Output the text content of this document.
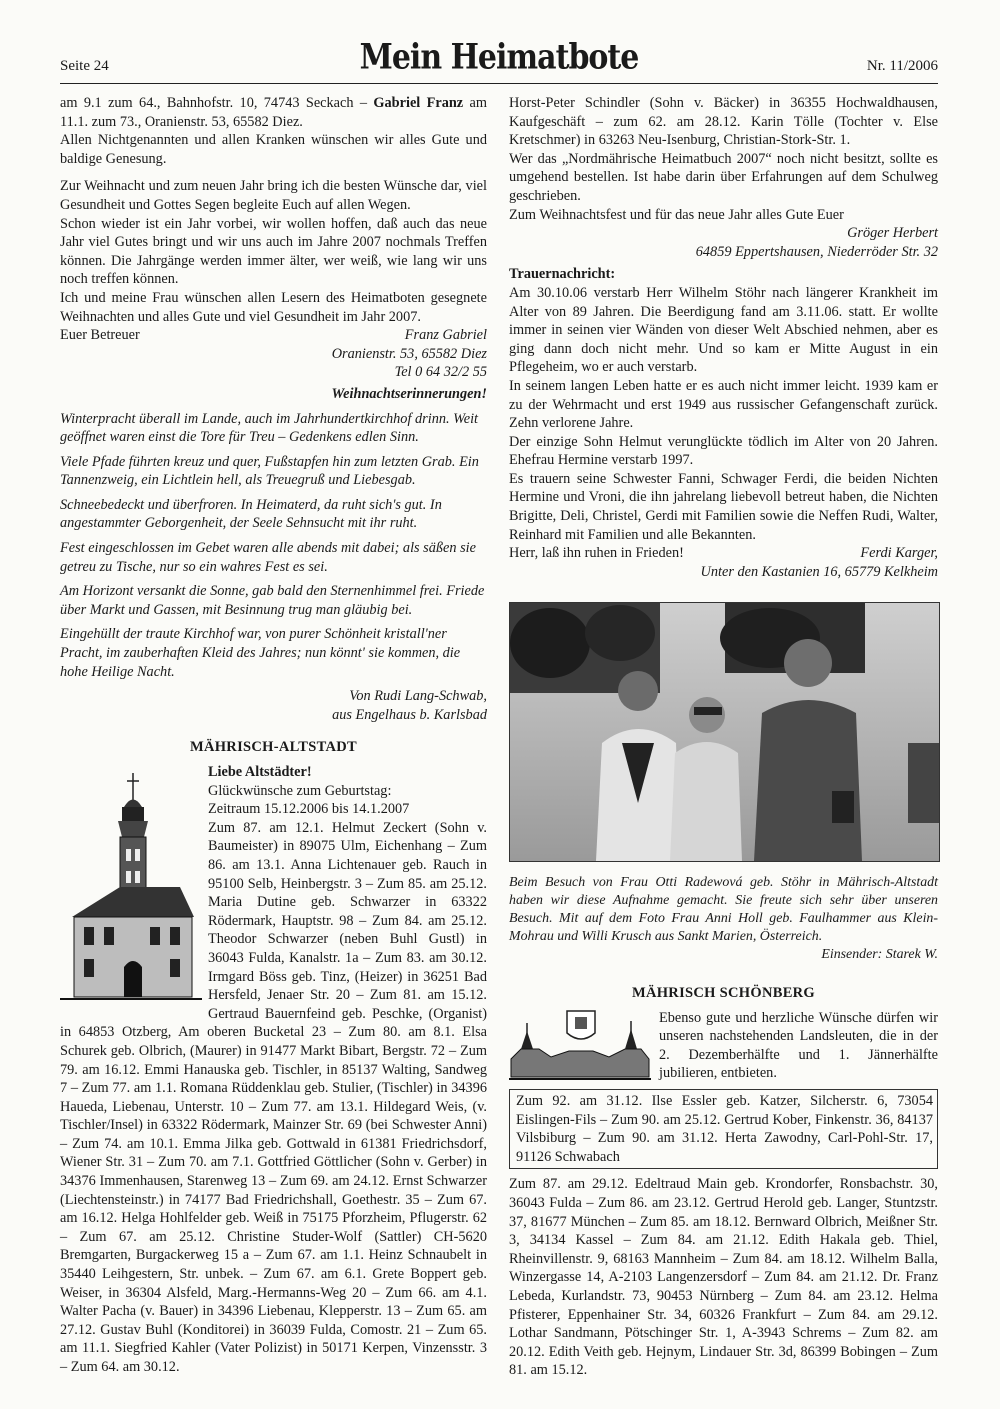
Seite 24	Mein Heimatbote	Nr. 11/2006

am 9.1 zum 64., Bahnhofstr. 10, 74743 Seckach – Gabriel Franz am 11.1. zum 73., Oranienstr. 53, 65582 Diez.

Allen Nichtgenannten und allen Kranken wünschen wir alles Gute und baldige Genesung.

Zur Weihnacht und zum neuen Jahr bring ich die besten Wünsche dar, viel Gesundheit und Gottes Segen begleite Euch auf allen Wegen.

Schon wieder ist ein Jahr vorbei, wir wollen hoffen, daß auch das neue Jahr viel Gutes bringt und wir uns auch im Jahre 2007 nochmals Treffen können. Die Jahrgänge werden immer älter, wer weiß, wie lang wir uns noch treffen können.

Ich und meine Frau wünschen allen Lesern des Heimatboten gesegnete Weihnachten und alles Gute und viel Gesundheit im Jahr 2007.

Euer Betreuer	Franz Gabriel

Oranienstr. 53, 65582 Diez

Tel 0 64 32/2 55

Weihnachtserinnerungen!

Winterpracht überall im Lande, auch im Jahrhundertkirchhof drinn. Weit geöffnet waren einst die Tore für Treu – Gedenkens edlen Sinn.

Viele Pfade führten kreuz und quer, Fußstapfen hin zum letzten Grab. Ein Tannenzweig, ein Lichtlein hell, als Treuegruß und Liebesgab.

Schneebedeckt und überfroren. In Heimaterd, da ruht sich's gut. In angestammter Geborgenheit, der Seele Sehnsucht mit ihr ruht.

Fest eingeschlossen im Gebet waren alle abends mit dabei; als säßen sie getreu zu Tische, nur so ein wahres Fest es sei.

Am Horizont versankt die Sonne, gab bald den Sternenhimmel frei. Friede über Markt und Gassen, mit Besinnung trug man gläubig bei.

Eingehüllt der traute Kirchhof war, von purer Schönheit kristall'ner Pracht, im zauberhaften Kleid des Jahres; nun könnt' sie kommen, die hohe Heilige Nacht.

Von Rudi Lang-Schwab,

aus Engelhaus b. Karlsbad

MÄHRISCH-ALTSTADT

Liebe Altstädter!

Glückwünsche zum Geburtstag:

Zeitraum 15.12.2006 bis 14.1.2007

Zum 87. am 12.1. Helmut Zeckert (Sohn v. Baumeister) in 89075 Ulm, Eichenhang – Zum 86. am 13.1. Anna Lichtenauer geb. Rauch in 95100 Selb, Heinbergstr. 3 – Zum 85. am 25.12. Maria Dutine geb. Schwarzer in 63322 Rödermark, Hauptstr. 98 – Zum 84. am 25.12. Theodor Schwarzer (neben Buhl Gustl) in 36043 Fulda, Kanalstr. 1a – Zum 83. am 30.12. Irmgard Böss geb. Tinz, (Heizer) in 36251 Bad Hersfeld, Jenaer Str. 20 – Zum 81. am 15.12. Gertraud Bauernfeind geb. Peschke, (Organist) in 64853 Otzberg, Am oberen Bucketal 23 – Zum 80. am 8.1. Elsa Schurek geb. Olbrich, (Maurer) in 91477 Markt Bibart, Bergstr. 72 – Zum 79. am 16.12. Emmi Hanauska geb. Tischler, in 85137 Walting, Sandweg 7 – Zum 77. am 1.1. Romana Rüddenklau geb. Stulier, (Tischler) in 34396 Haueda, Liebenau, Unterstr. 10 – Zum 77. am 13.1. Hildegard Weis, (v. Tischler/Insel) in 63322 Rödermark, Mainzer Str. 69 (bei Schwester Anni) – Zum 74. am 10.1. Emma Jilka geb. Gottwald in 61381 Friedrichsdorf, Wiener Str. 31 – Zum 70. am 7.1. Gottfried Göttlicher (Sohn v. Gerber) in 34376 Immenhausen, Starenweg 13 – Zum 69. am 24.12. Ernst Schwarzer (Liechtensteinstr.) in 74177 Bad Friedrichshall, Goethestr. 35 – Zum 67. am 16.12. Helga Hohlfelder geb. Weiß in 75175 Pforzheim, Pflugerstr. 62 – Zum 67. am 25.12. Christine Studer-Wolf (Sattler) CH-5620 Bremgarten, Burgackerweg 15 a – Zum 67. am 1.1. Heinz Schnaubelt in 35440 Leihgestern, Str. unbek. – Zum 67. am 6.1. Grete Boppert geb. Weiser, in 36304 Alsfeld, Marg.-Hermanns-Weg 20 – Zum 66. am 4.1. Walter Pacha (v. Bauer) in 34396 Liebenau, Klepperstr. 13 – Zum 65. am 27.12. Gustav Buhl (Konditorei) in 36039 Fulda, Comostr. 21 – Zum 65. am 11.1. Siegfried Kahler (Vater Polizist) in 50171 Kerpen, Vinzensstr. 3 – Zum 64. am 30.12.

Horst-Peter Schindler (Sohn v. Bäcker) in 36355 Hochwaldhausen, Kaufgeschäft – zum 62. am 28.12. Karin Tölle (Tochter v. Else Kretschmer) in 63263 Neu-Isenburg, Christian-Stork-Str. 1.

Wer das „Nordmährische Heimatbuch 2007“ noch nicht besitzt, sollte es umgehend bestellen. Ist habe darin über Erfahrungen auf dem Schulweg geschrieben.

Zum Weihnachtsfest und für das neue Jahr alles Gute Euer

Gröger Herbert

64859 Eppertshausen, Niederröder Str. 32

Trauernachricht:

Am 30.10.06 verstarb Herr Wilhelm Stöhr nach längerer Krankheit im Alter von 89 Jahren. Die Beerdigung fand am 3.11.06. statt. Er wollte immer in seinen vier Wänden von dieser Welt Abschied nehmen, aber es ging dann doch nicht mehr. Und so kam er Mitte August in ein Pflegeheim, wo er auch verstarb.

In seinem langen Leben hatte er es auch nicht immer leicht. 1939 kam er zu der Wehrmacht und erst 1949 aus russischer Gefangenschaft zurück. Zehn verlorene Jahre.

Der einzige Sohn Helmut verunglückte tödlich im Alter von 20 Jahren. Ehefrau Hermine verstarb 1997.

Es trauern seine Schwester Fanni, Schwager Ferdi, die beiden Nichten Hermine und Vroni, die ihn jahrelang liebevoll betreut haben, die Nichten Brigitte, Deli, Christel, Gerdi mit Familien sowie die Neffen Rudi, Walter, Reinhard mit Familien und alle Bekannten.

Herr, laß ihn ruhen in Frieden!	Ferdi Karger,

Unter den Kastanien 16, 65779 Kelkheim

Beim Besuch von Frau Otti Radewová geb. Stöhr in Mährisch-Altstadt haben wir diese Aufnahme gemacht. Sie freute sich sehr über unseren Besuch. Mit auf dem Foto Frau Anni Holl geb. Faulhammer aus Klein-Mohrau und Willi Krusch aus Sankt Marien, Österreich.

Einsender: Starek W.

MÄHRISCH SCHÖNBERG

Ebenso gute und herzliche Wünsche dürfen wir unseren nachstehenden Landsleuten, die in der 2. Dezemberhälfte und 1. Jännerhälfte jubilieren, entbieten.

Zum 92. am 31.12. Ilse Essler geb. Katzer, Silcherstr. 6, 73054 Eislingen-Fils – Zum 90. am 25.12. Gertrud Kober, Finkenstr. 36, 84137 Vilsbiburg – Zum 90. am 31.12. Herta Zawodny, Carl-Pohl-Str. 17, 91126 Schwabach

Zum 87. am 29.12. Edeltraud Main geb. Krondorfer, Ronsbachstr. 30, 36043 Fulda – Zum 86. am 23.12. Gertrud Herold geb. Langer, Stuntzstr. 37, 81677 München – Zum 85. am 18.12. Bernward Olbrich, Meißner Str. 3, 34134 Kassel – Zum 84. am 21.12. Edith Hakala geb. Thiel, Rheinvillenstr. 9, 68163 Mannheim – Zum 84. am 18.12. Wilhelm Balla, Winzergasse 14, A-2103 Langenzersdorf – Zum 84. am 21.12. Dr. Franz Lebeda, Kurlandstr. 73, 90453 Nürnberg – Zum 84. am 23.12. Helma Pfisterer, Eppenhainer Str. 34, 60326 Frankfurt – Zum 84. am 29.12. Lothar Sandmann, Pötschinger Str. 1, A-3943 Schrems – Zum 82. am 20.12. Edith Veith geb. Hejnym, Lindauer Str. 3d, 86399 Bobingen – Zum 81. am 15.12.
